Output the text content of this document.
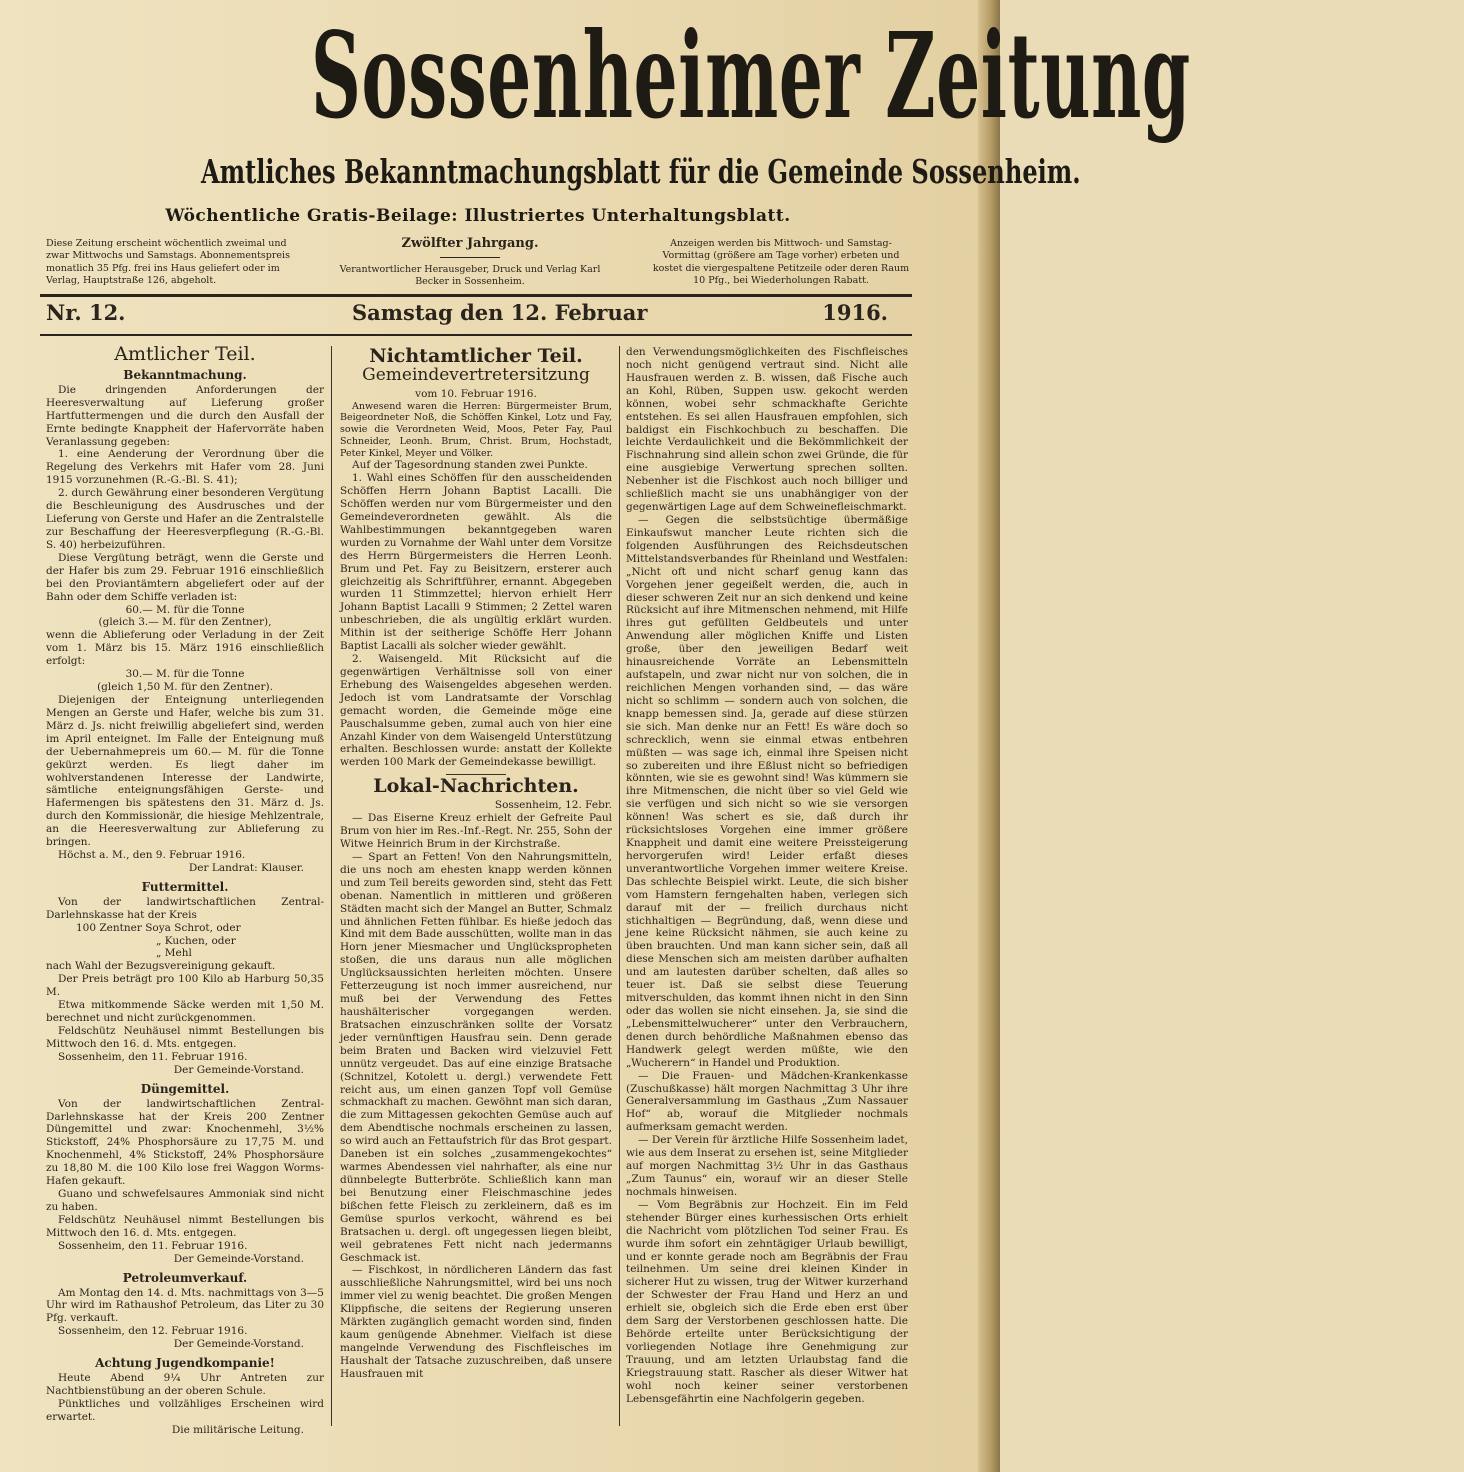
Sossenheimer Zeitung
Amtliches Bekanntmachungsblatt für die Gemeinde Sossenheim.
Wöchentliche Gratis-Beilage: Illustriertes Unterhaltungsblatt.
Diese Zeitung erscheint wöchentlich zweimal und zwar Mittwochs und Samstags. Abonnementspreis monatlich 35 Pfg. frei ins Haus geliefert oder im Verlag, Hauptstraße 126, abgeholt.
Zwölfter Jahrgang.
Verantwortlicher Herausgeber, Druck und Verlag Karl Becker in Sossenheim.
Anzeigen werden bis Mittwoch- und Samstag-Vormittag (größere am Tage vorher) erbeten und kostet die viergespaltene Petitzeile oder deren Raum 10 Pfg., bei Wiederholungen Rabatt.
Nr. 12.	Samstag den 12. Februar	1916.
Amtlicher Teil.
Bekanntmachung.

Die dringenden Anforderungen der Heeresverwaltung auf Lieferung großer Hartfuttermengen und die durch den Ausfall der Ernte bedingte Knappheit der Hafervorräte haben Veranlassung gegeben:

1. eine Aenderung der Verordnung über die Regelung des Verkehrs mit Hafer vom 28. Juni 1915 vorzunehmen (R.-G.-Bl. S. 41);

2. durch Gewährung einer besonderen Vergütung die Beschleunigung des Ausdrusches und der Lieferung von Gerste und Hafer an die Zentralstelle zur Beschaffung der Heeresverpflegung (R.-G.-Bl. S. 40) herbeizuführen.

Diese Vergütung beträgt, wenn die Gerste und der Hafer bis zum 29. Februar 1916 einschließlich bei den Proviantämtern abgeliefert oder auf der Bahn oder dem Schiffe verladen ist:

60.— M. für die Tonne

(gleich 3.— M. für den Zentner),

wenn die Ablieferung oder Verladung in der Zeit vom 1. März bis 15. März 1916 einschließlich erfolgt:

30.— M. für die Tonne

(gleich 1,50 M. für den Zentner).

Diejenigen der Enteignung unterliegenden Mengen an Gerste und Hafer, welche bis zum 31. März d. Js. nicht freiwillig abgeliefert sind, werden im April enteignet. Im Falle der Enteignung muß der Uebernahmepreis um 60.— M. für die Tonne gekürzt werden. Es liegt daher im wohlverstandenen Interesse der Landwirte, sämtliche enteignungsfähigen Gerste- und Hafermengen bis spätestens den 31. März d. Js. durch den Kommissionär, die hiesige Mehlzentrale, an die Heeresverwaltung zur Ablieferung zu bringen.

Höchst a. M., den 9. Februar 1916.

Der Landrat: Klauser.

Futtermittel.

Von der landwirtschaftlichen Zentral-Darlehnskasse hat der Kreis

100 Zentner Soya Schrot, oder

„ Kuchen, oder

„ Mehl

nach Wahl der Bezugsvereinigung gekauft.

Der Preis beträgt pro 100 Kilo ab Harburg 50,35 M.

Etwa mitkommende Säcke werden mit 1,50 M. berechnet und nicht zurückgenommen.

Feldschütz Neuhäusel nimmt Bestellungen bis Mittwoch den 16. d. Mts. entgegen.

Sossenheim, den 11. Februar 1916.

Der Gemeinde-Vorstand.

Düngemittel.

Von der landwirtschaftlichen Zentral-Darlehnskasse hat der Kreis 200 Zentner Düngemittel und zwar: Knochenmehl, 3½% Stickstoff, 24% Phosphorsäure zu 17,75 M. und Knochenmehl, 4% Stickstoff, 24% Phosphorsäure zu 18,80 M. die 100 Kilo lose frei Waggon Worms-Hafen gekauft.

Guano und schwefelsaures Ammoniak sind nicht zu haben.

Feldschütz Neuhäusel nimmt Bestellungen bis Mittwoch den 16. d. Mts. entgegen.

Sossenheim, den 11. Februar 1916.

Der Gemeinde-Vorstand.

Petroleumverkauf.

Am Montag den 14. d. Mts. nachmittags von 3—5 Uhr wird im Rathaushof Petroleum, das Liter zu 30 Pfg. verkauft.

Sossenheim, den 12. Februar 1916.

Der Gemeinde-Vorstand.

Achtung Jugendkompanie!

Heute Abend 9¼ Uhr Antreten zur Nachtbienstübung an der oberen Schule.

Pünktliches und vollzähliges Erscheinen wird erwartet.

Die militärische Leitung.

Nichtamtlicher Teil.
Gemeindevertretersitzung

vom 10. Februar 1916.

Anwesend waren die Herren: Bürgermeister Brum, Beigeordneter Noß, die Schöffen Kinkel, Lotz und Fay, sowie die Verordneten Weid, Moos, Peter Fay, Paul Schneider, Leonh. Brum, Christ. Brum, Hochstadt, Peter Kinkel, Meyer und Völker.

Auf der Tagesordnung standen zwei Punkte.

1. Wahl eines Schöffen für den ausscheidenden Schöffen Herrn Johann Baptist Lacalli. Die Schöffen werden nur vom Bürgermeister und den Gemeindeverordneten gewählt. Als die Wahlbestimmungen bekanntgegeben waren wurden zu Vornahme der Wahl unter dem Vorsitze des Herrn Bürgermeisters die Herren Leonh. Brum und Pet. Fay zu Beisitzern, ersterer auch gleichzeitig als Schriftführer, ernannt. Abgegeben wurden 11 Stimmzettel; hiervon erhielt Herr Johann Baptist Lacalli 9 Stimmen; 2 Zettel waren unbeschrieben, die als ungültig erklärt wurden. Mithin ist der seitherige Schöffe Herr Johann Baptist Lacalli als solcher wieder gewählt.

2. Waisengeld. Mit Rücksicht auf die gegenwärtigen Verhältnisse soll von einer Erhebung des Waisengeldes abgesehen werden. Jedoch ist vom Landratsamte der Vorschlag gemacht worden, die Gemeinde möge eine Pauschalsumme geben, zumal auch von hier eine Anzahl Kinder von dem Waisengeld Unterstützung erhalten. Beschlossen wurde: anstatt der Kollekte werden 100 Mark der Gemeindekasse bewilligt.

Lokal-Nachrichten.

Sossenheim, 12. Febr.

— Das Eiserne Kreuz erhielt der Gefreite Paul Brum von hier im Res.-Inf.-Regt. Nr. 255, Sohn der Witwe Heinrich Brum in der Kirchstraße.

— Spart an Fetten! Von den Nahrungsmitteln, die uns noch am ehesten knapp werden können und zum Teil bereits geworden sind, steht das Fett obenan. Namentlich in mittleren und größeren Städten macht sich der Mangel an Butter, Schmalz und ähnlichen Fetten fühlbar. Es hieße jedoch das Kind mit dem Bade ausschütten, wollte man in das Horn jener Miesmacher und Unglückspropheten stoßen, die uns daraus nun alle möglichen Unglücksaussichten herleiten möchten. Unsere Fetterzeugung ist noch immer ausreichend, nur muß bei der Verwendung des Fettes haushälterischer vorgegangen werden. Bratsachen einzuschränken sollte der Vorsatz jeder vernünftigen Hausfrau sein. Denn gerade beim Braten und Backen wird vielzuviel Fett unnütz vergeudet. Das auf eine einzige Bratsache (Schnitzel, Kotolett u. dergl.) verwendete Fett reicht aus, um einen ganzen Topf voll Gemüse schmackhaft zu machen. Gewöhnt man sich daran, die zum Mittagessen gekochten Gemüse auch auf dem Abendtische nochmals erscheinen zu lassen, so wird auch an Fettaufstrich für das Brot gespart. Daneben ist ein solches „zusammengekochtes“ warmes Abendessen viel nahrhafter, als eine nur dünnbelegte Butterbröte. Schließlich kann man bei Benutzung einer Fleischmaschine jedes bißchen fette Fleisch zu zerkleinern, daß es im Gemüse spurlos verkocht, während es bei Bratsachen u. dergl. oft ungegessen liegen bleibt, weil gebratenes Fett nicht nach jedermanns Geschmack ist.

— Fischkost, in nördlicheren Ländern das fast ausschließliche Nahrungsmittel, wird bei uns noch immer viel zu wenig beachtet. Die großen Mengen Klippfische, die seitens der Regierung unseren Märkten zugänglich gemacht worden sind, finden kaum genügende Abnehmer. Vielfach ist diese mangelnde Verwendung des Fischfleisches im Haushalt der Tatsache zuzuschreiben, daß unsere Hausfrauen mit

den Verwendungsmöglichkeiten des Fischfleisches noch nicht genügend vertraut sind. Nicht alle Hausfrauen werden z. B. wissen, daß Fische auch an Kohl, Rüben, Suppen usw. gekocht werden können, wobei sehr schmackhafte Gerichte entstehen. Es sei allen Hausfrauen empfohlen, sich baldigst ein Fischkochbuch zu beschaffen. Die leichte Verdaulichkeit und die Bekömmlichkeit der Fischnahrung sind allein schon zwei Gründe, die für eine ausgiebige Verwertung sprechen sollten. Nebenher ist die Fischkost auch noch billiger und schließlich macht sie uns unabhängiger von der gegenwärtigen Lage auf dem Schweinefleischmarkt.

— Gegen die selbstsüchtige übermäßige Einkaufswut mancher Leute richten sich die folgenden Ausführungen des Reichsdeutschen Mittelstandsverbandes für Rheinland und Westfalen: „Nicht oft und nicht scharf genug kann das Vorgehen jener gegeißelt werden, die, auch in dieser schweren Zeit nur an sich denkend und keine Rücksicht auf ihre Mitmenschen nehmend, mit Hilfe ihres gut gefüllten Geldbeutels und unter Anwendung aller möglichen Kniffe und Listen große, über den jeweiligen Bedarf weit hinausreichende Vorräte an Lebensmitteln aufstapeln, und zwar nicht nur von solchen, die in reichlichen Mengen vorhanden sind, — das wäre nicht so schlimm — sondern auch von solchen, die knapp bemessen sind. Ja, gerade auf diese stürzen sie sich. Man denke nur an Fett! Es wäre doch so schrecklich, wenn sie einmal etwas entbehren müßten — was sage ich, einmal ihre Speisen nicht so zubereiten und ihre Eßlust nicht so befriedigen könnten, wie sie es gewohnt sind! Was kümmern sie ihre Mitmenschen, die nicht über so viel Geld wie sie verfügen und sich nicht so wie sie versorgen können! Was schert es sie, daß durch ihr rücksichtsloses Vorgehen eine immer größere Knappheit und damit eine weitere Preissteigerung hervorgerufen wird! Leider erfaßt dieses unverantwortliche Vorgehen immer weitere Kreise. Das schlechte Beispiel wirkt. Leute, die sich bisher vom Hamstern ferngehalten haben, verlegen sich darauf mit der — freilich durchaus nicht stichhaltigen — Begründung, daß, wenn diese und jene keine Rücksicht nähmen, sie auch keine zu üben brauchten. Und man kann sicher sein, daß all diese Menschen sich am meisten darüber aufhalten und am lautesten darüber schelten, daß alles so teuer ist. Daß sie selbst diese Teuerung mitverschulden, das kommt ihnen nicht in den Sinn oder das wollen sie nicht einsehen. Ja, sie sind die „Lebensmittelwucherer“ unter den Verbrauchern, denen durch behördliche Maßnahmen ebenso das Handwerk gelegt werden müßte, wie den „Wucherern“ in Handel und Produktion.

— Die Frauen- und Mädchen-Krankenkasse (Zuschußkasse) hält morgen Nachmittag 3 Uhr ihre Generalversammlung im Gasthaus „Zum Nassauer Hof“ ab, worauf die Mitglieder nochmals aufmerksam gemacht werden.

— Der Verein für ärztliche Hilfe Sossenheim ladet, wie aus dem Inserat zu ersehen ist, seine Mitglieder auf morgen Nachmittag 3½ Uhr in das Gasthaus „Zum Taunus“ ein, worauf wir an dieser Stelle nochmals hinweisen.

— Vom Begräbnis zur Hochzeit. Ein im Feld stehender Bürger eines kurhessischen Orts erhielt die Nachricht vom plötzlichen Tod seiner Frau. Es wurde ihm sofort ein zehntägiger Urlaub bewilligt, und er konnte gerade noch am Begräbnis der Frau teilnehmen. Um seine drei kleinen Kinder in sicherer Hut zu wissen, trug der Witwer kurzerhand der Schwester der Frau Hand und Herz an und erhielt sie, obgleich sich die Erde eben erst über dem Sarg der Verstorbenen geschlossen hatte. Die Behörde erteilte unter Berücksichtigung der vorliegenden Notlage ihre Genehmigung zur Trauung, und am letzten Urlaubstag fand die Kriegstrauung statt. Rascher als dieser Witwer hat wohl noch keiner seiner verstorbenen Lebensgefährtin eine Nachfolgerin gegeben.
